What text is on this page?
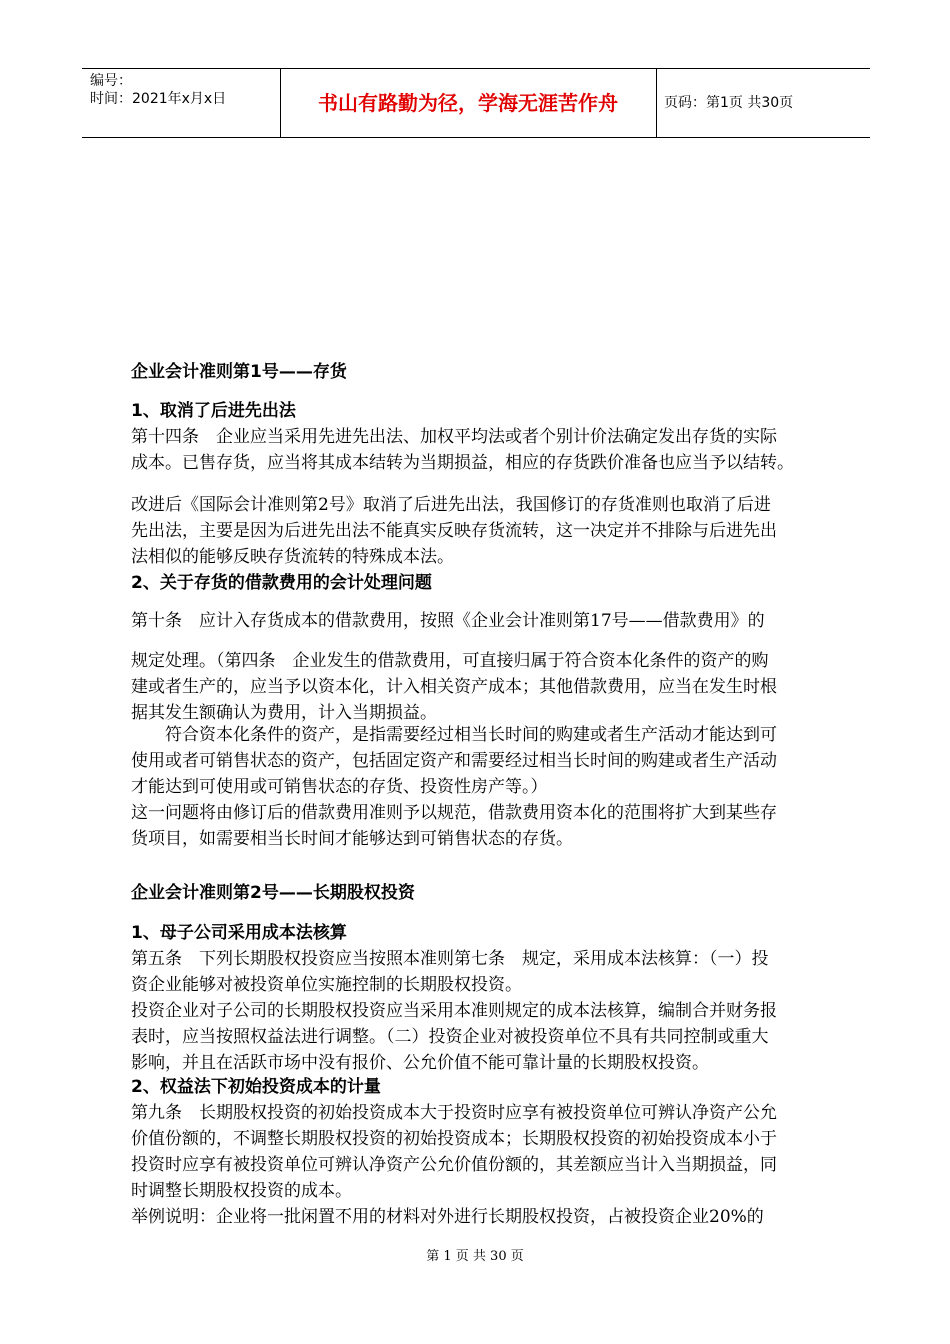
编号：
时间：2021年x月x日	书山有路勤为径，学海无涯苦作舟	页码：第1页 共30页
企业会计准则第1号——存货
1、取消了后进先出法
第十四条　企业应当采用先进先出法、加权平均法或者个别计价法确定发出存货的实际
成本。已售存货，应当将其成本结转为当期损益，相应的存货跌价准备也应当予以结转。
改进后《国际会计准则第2号》取消了后进先出法，我国修订的存货准则也取消了后进
先出法，主要是因为后进先出法不能真实反映存货流转，这一决定并不排除与后进先出
法相似的能够反映存货流转的特殊成本法。
2、关于存货的借款费用的会计处理问题
第十条　应计入存货成本的借款费用，按照《企业会计准则第17号——借款费用》的
规定处理。（第四条　企业发生的借款费用，可直接归属于符合资本化条件的资产的购
建或者生产的，应当予以资本化，计入相关资产成本；其他借款费用，应当在发生时根
据其发生额确认为费用，计入当期损益。
　　符合资本化条件的资产，是指需要经过相当长时间的购建或者生产活动才能达到可
使用或者可销售状态的资产，包括固定资产和需要经过相当长时间的购建或者生产活动
才能达到可使用或可销售状态的存货、投资性房产等。）
这一问题将由修订后的借款费用准则予以规范，借款费用资本化的范围将扩大到某些存
货项目，如需要相当长时间才能够达到可销售状态的存货。
企业会计准则第2号——长期股权投资
1、母子公司采用成本法核算
第五条　下列长期股权投资应当按照本准则第七条　规定，采用成本法核算：（一）投
资企业能够对被投资单位实施控制的长期股权投资。
投资企业对子公司的长期股权投资应当采用本准则规定的成本法核算，编制合并财务报
表时，应当按照权益法进行调整。（二）投资企业对被投资单位不具有共同控制或重大
影响，并且在活跃市场中没有报价、公允价值不能可靠计量的长期股权投资。
2、权益法下初始投资成本的计量
第九条　长期股权投资的初始投资成本大于投资时应享有被投资单位可辨认净资产公允
价值份额的，不调整长期股权投资的初始投资成本；长期股权投资的初始投资成本小于
投资时应享有被投资单位可辨认净资产公允价值份额的，其差额应当计入当期损益，同
时调整长期股权投资的成本。
举例说明：企业将一批闲置不用的材料对外进行长期股权投资，占被投资企业20%的
第 1 页 共 30 页
